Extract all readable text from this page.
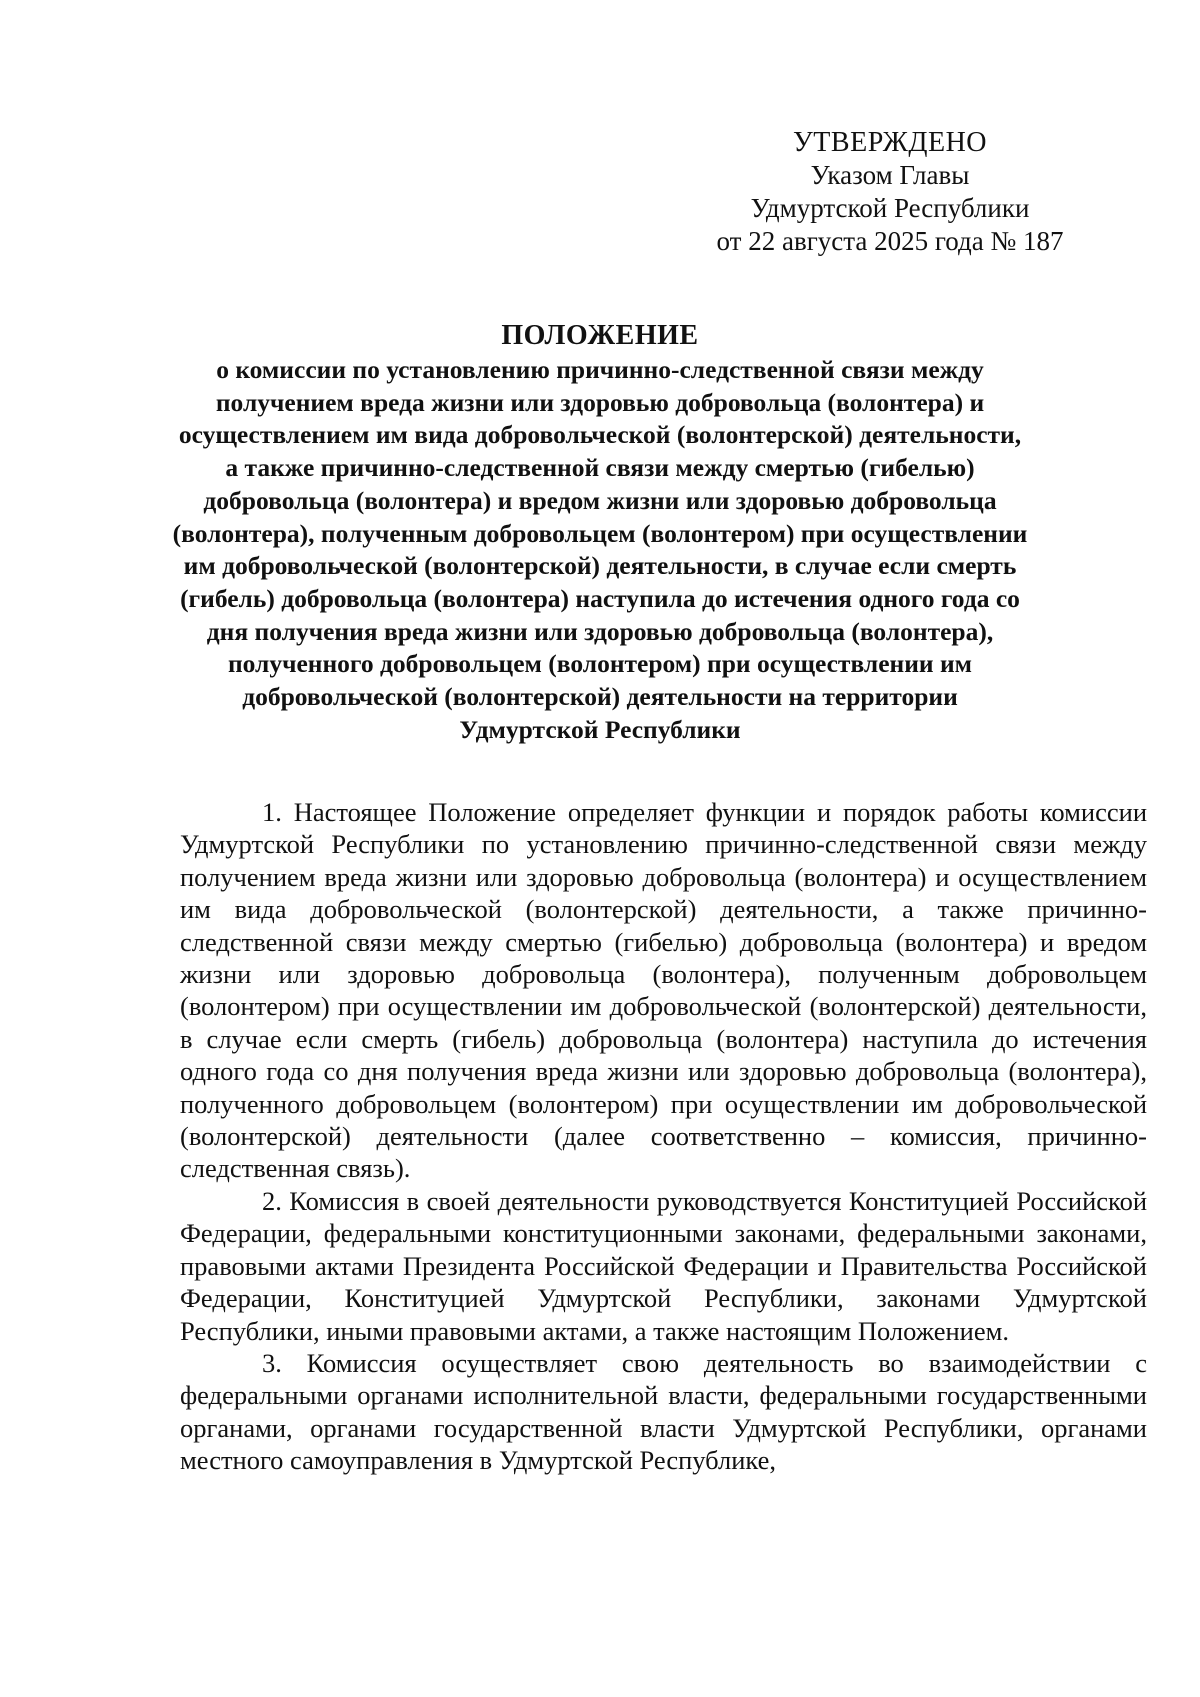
УТВЕРЖДЕНО
Указом Главы
Удмуртской Республики
от 22 августа 2025 года № 187
ПОЛОЖЕНИЕ
о комиссии по установлению причинно-следственной связи между
получением вреда жизни или здоровью добровольца (волонтера) и
осуществлением им вида добровольческой (волонтерской) деятельности,
а также причинно-следственной связи между смертью (гибелью)
добровольца (волонтера) и вредом жизни или здоровью добровольца
(волонтера), полученным добровольцем (волонтером) при осуществлении
им добровольческой (волонтерской) деятельности, в случае если смерть
(гибель) добровольца (волонтера) наступила до истечения одного года со
дня получения вреда жизни или здоровью добровольца (волонтера),
полученного добровольцем (волонтером) при осуществлении им
добровольческой (волонтерской) деятельности на территории
Удмуртской Республики

1. Настоящее Положение определяет функции и порядок работы комиссии Удмуртской Республики по установлению причинно-следственной связи между получением вреда жизни или здоровью добровольца (волонтера) и осуществлением им вида добровольческой (волонтерской) деятельности, а также причинно-следственной связи между смертью (гибелью) добровольца (волонтера) и вредом жизни или здоровью добровольца (волонтера), полученным добровольцем (волонтером) при осуществлении им добровольческой (волонтерской) деятельности, в случае если смерть (гибель) добровольца (волонтера) наступила до истечения одного года со дня получения вреда жизни или здоровью добровольца (волонтера), полученного добровольцем (волонтером) при осуществлении им добровольческой (волонтерской) деятельности (далее соответственно – комиссия, причинно-следственная связь).

2. Комиссия в своей деятельности руководствуется Конституцией Российской Федерации, федеральными конституционными законами, федеральными законами, правовыми актами Президента Российской Федерации и Правительства Российской Федерации, Конституцией Удмуртской Республики, законами Удмуртской Республики, иными правовыми актами, а также настоящим Положением.

3. Комиссия осуществляет свою деятельность во взаимодействии с федеральными органами исполнительной власти, федеральными государственными органами, органами государственной власти Удмуртской Республики, органами местного самоуправления в Удмуртской Республике,
